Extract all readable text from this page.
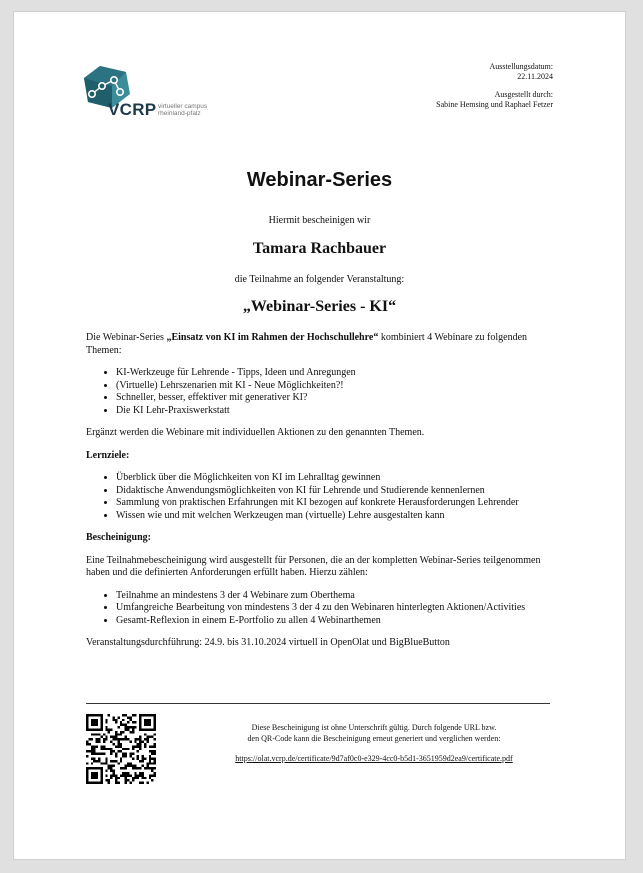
VCRP virtueller campus
rheinland-pfalz
Ausstellungsdatum:
22.11.2024
Ausgestellt durch:
Sabine Hemsing und Raphael Fetzer
Webinar-Series
Hiermit bescheinigen wir
Tamara Rachbauer
die Teilnahme an folgender Veranstaltung:
„Webinar-Series - KI“

Die Webinar-Series „Einsatz von KI im Rahmen der Hochschullehre“ kombiniert 4 Webinare zu folgenden Themen:

• KI-Werkzeuge für Lehrende - Tipps, Ideen und Anregungen
• (Virtuelle) Lehrszenarien mit KI - Neue Möglichkeiten?!
• Schneller, besser, effektiver mit generativer KI?
• Die KI Lehr-Praxiswerkstatt

Ergänzt werden die Webinare mit individuellen Aktionen zu den genannten Themen.

Lernziele:

• Überblick über die Möglichkeiten von KI im Lehralltag gewinnen
• Didaktische Anwendungsmöglichkeiten von KI für Lehrende und Studierende kennenlernen
• Sammlung von praktischen Erfahrungen mit KI bezogen auf konkrete Herausforderungen Lehrender
• Wissen wie und mit welchen Werkzeugen man (virtuelle) Lehre ausgestalten kann

Bescheinigung:

Eine Teilnahmebescheinigung wird ausgestellt für Personen, die an der kompletten Webinar-Series teilgenommen haben und die definierten Anforderungen erfüllt haben. Hierzu zählen:

• Teilnahme an mindestens 3 der 4 Webinare zum Oberthema
• Umfangreiche Bearbeitung von mindestens 3 der 4 zu den Webinaren hinterlegten Aktionen/Activities
• Gesamt-Reflexion in einem E-Portfolio zu allen 4 Webinarthemen

Veranstaltungsdurchführung: 24.9. bis 31.10.2024 virtuell in OpenOlat und BigBlueButton

Diese Bescheinigung ist ohne Unterschrift gültig. Durch folgende URL bzw.
den QR-Code kann die Bescheinigung erneut generiert und verglichen werden:
https://olat.vcrp.de/certificate/9d7af0c0-e329-4cc0-b5d1-3651959d2ea9/certificate.pdf
